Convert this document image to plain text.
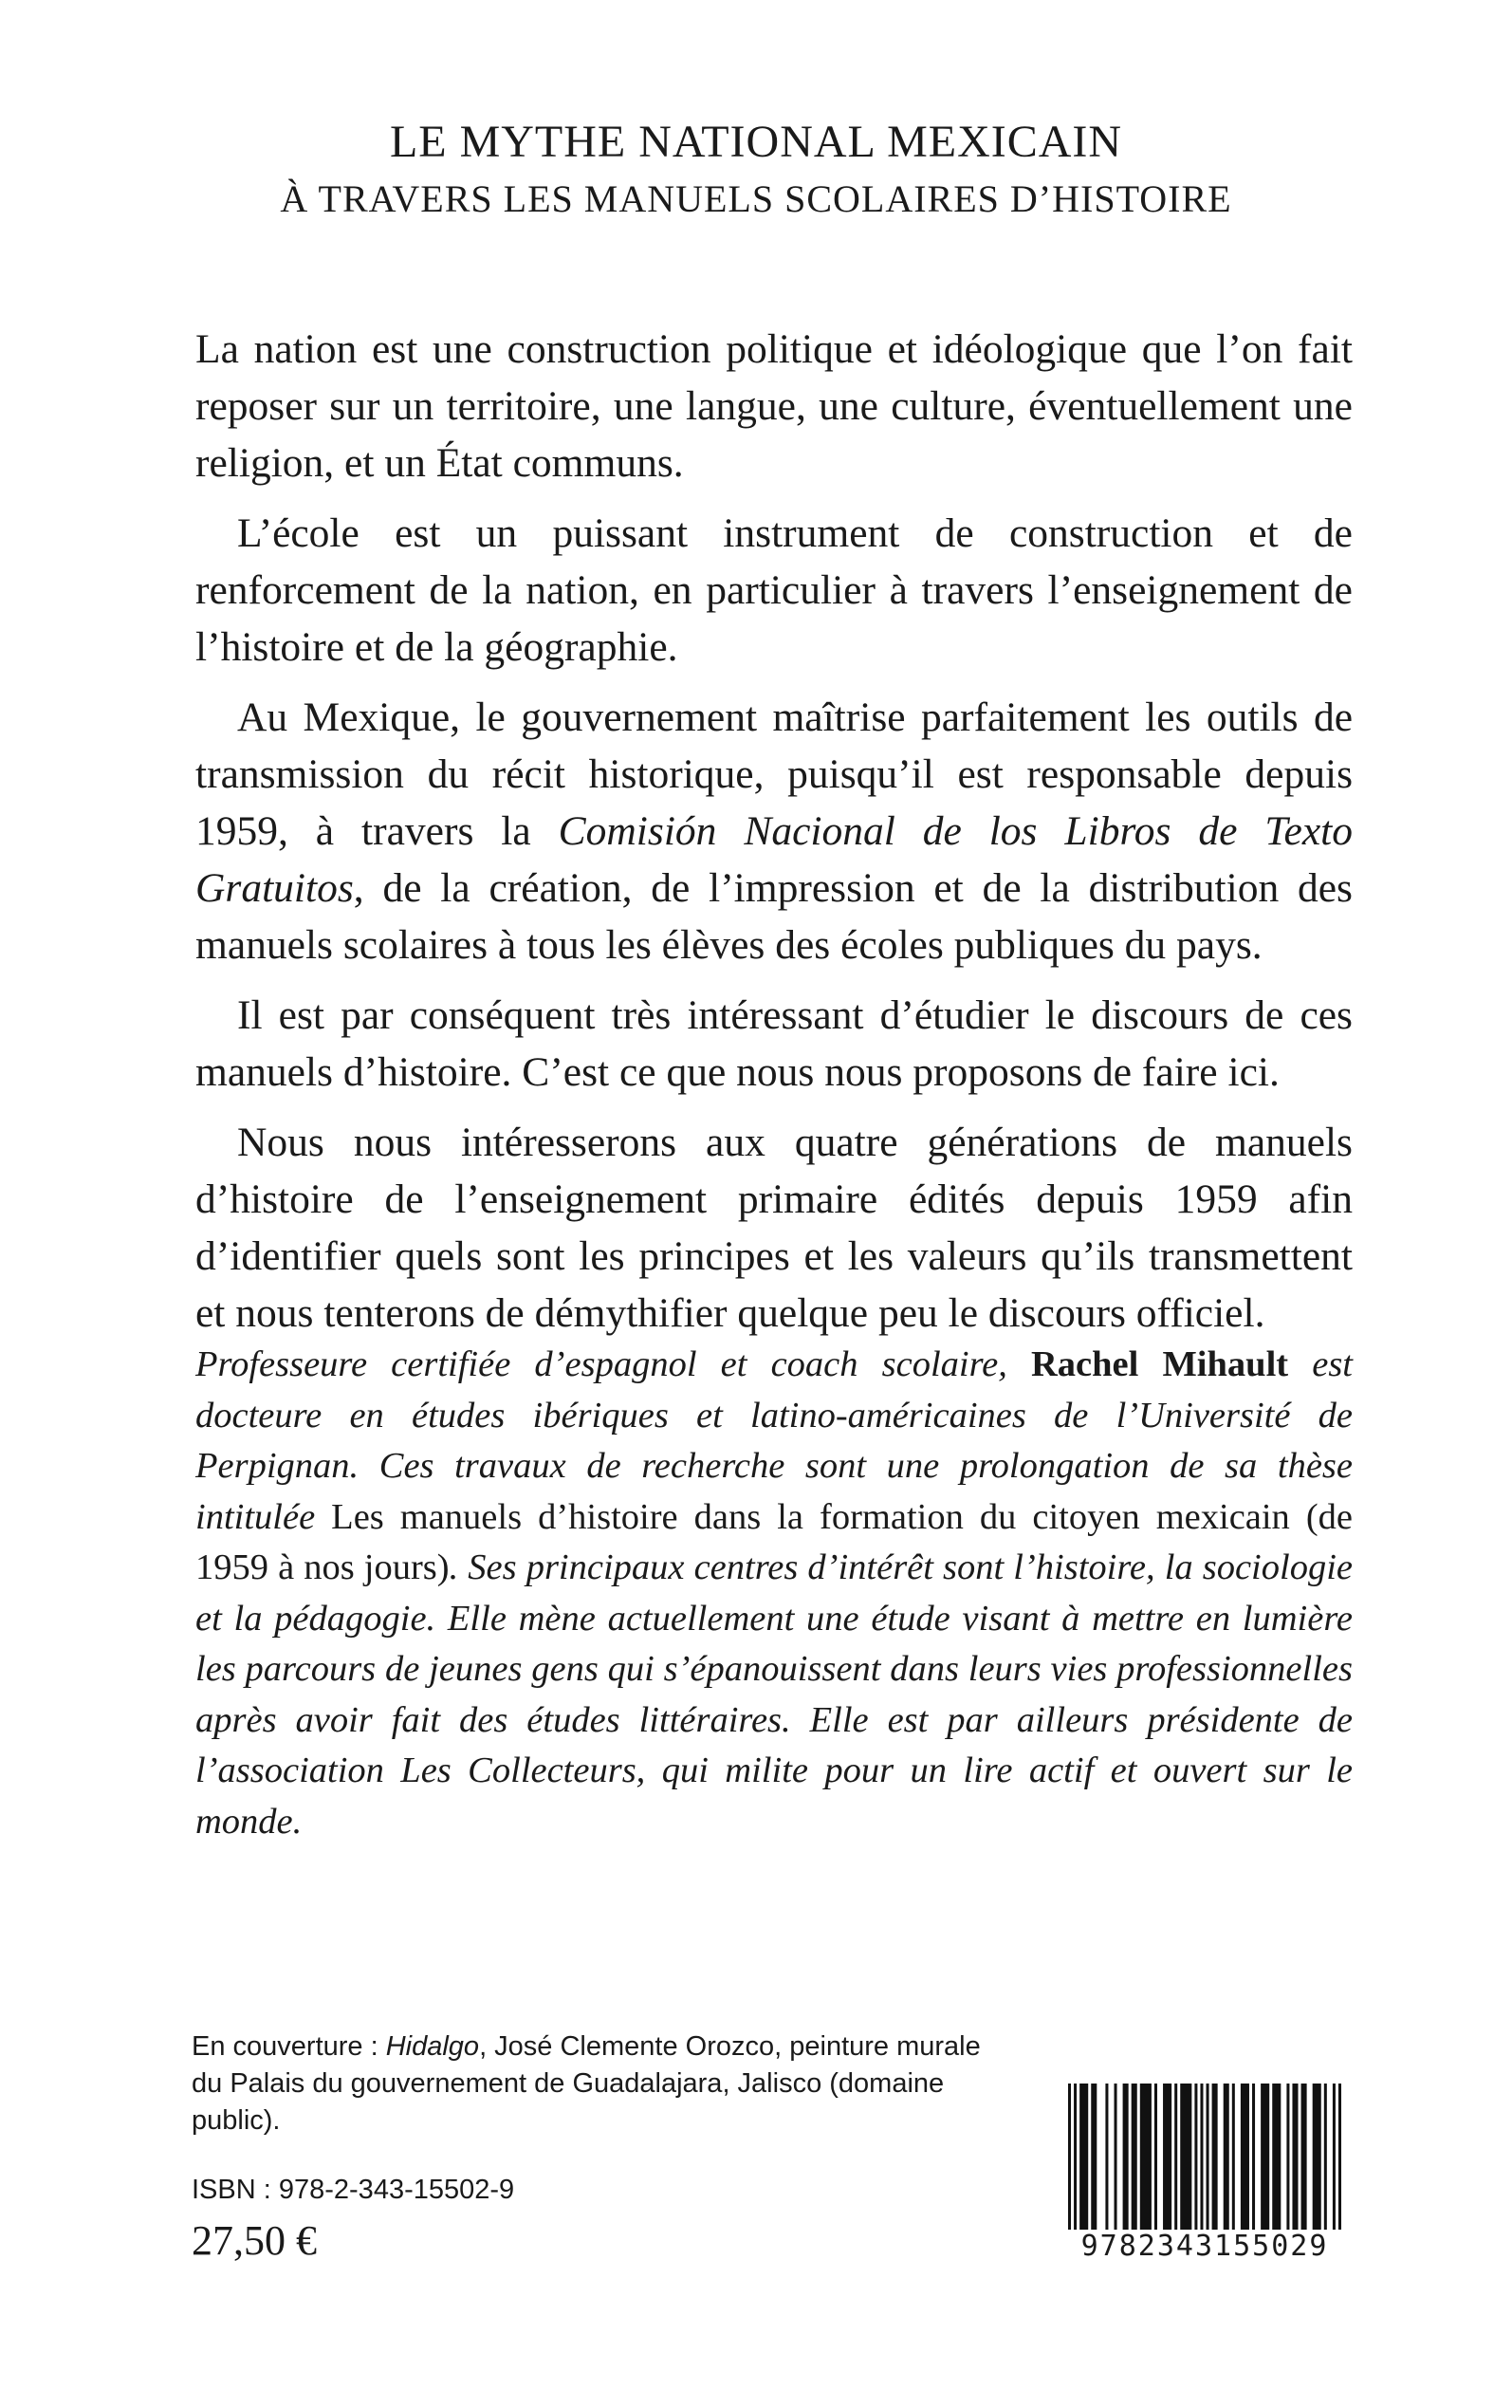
LE MYTHE NATIONAL MEXICAIN
À TRAVERS LES MANUELS SCOLAIRES D’HISTOIRE

La nation est une construction politique et idéologique que l’on fait reposer sur un territoire, une langue, une culture, éventuellement une religion, et un État communs.

L’école est un puissant instrument de construction et de renforcement de la nation, en particulier à travers l’enseignement de l’histoire et de la géographie.

Au Mexique, le gouvernement maîtrise parfaitement les outils de transmission du récit historique, puisqu’il est responsable depuis 1959, à travers la Comisión Nacional de los Libros de Texto Gratuitos, de la création, de l’impression et de la distribution des manuels scolaires à tous les élèves des écoles publiques du pays.

Il est par conséquent très intéressant d’étudier le discours de ces manuels d’histoire. C’est ce que nous nous proposons de faire ici.

Nous nous intéresserons aux quatre générations de manuels d’histoire de l’enseignement primaire édités depuis 1959 afin d’identifier quels sont les principes et les valeurs qu’ils transmettent et nous tenterons de démythifier quelque peu le discours officiel.

Professeure certifiée d’espagnol et coach scolaire, Rachel Mihault est docteure en études ibériques et latino-américaines de l’Université de Perpignan. Ces travaux de recherche sont une prolongation de sa thèse intitulée Les manuels d’histoire dans la formation du citoyen mexicain (de 1959 à nos jours). Ses principaux centres d’intérêt sont l’histoire, la sociologie et la pédagogie. Elle mène actuellement une étude visant à mettre en lumière les parcours de jeunes gens qui s’épanouissent dans leurs vies professionnelles après avoir fait des études littéraires. Elle est par ailleurs présidente de l’association Les Collecteurs, qui milite pour un lire actif et ouvert sur le monde.

En couverture : Hidalgo, José Clemente Orozco, peinture murale du Palais du gouvernement de Guadalajara, Jalisco (domaine public).
ISBN : 978-2-343-15502-9
27,50 €	9782343155029
